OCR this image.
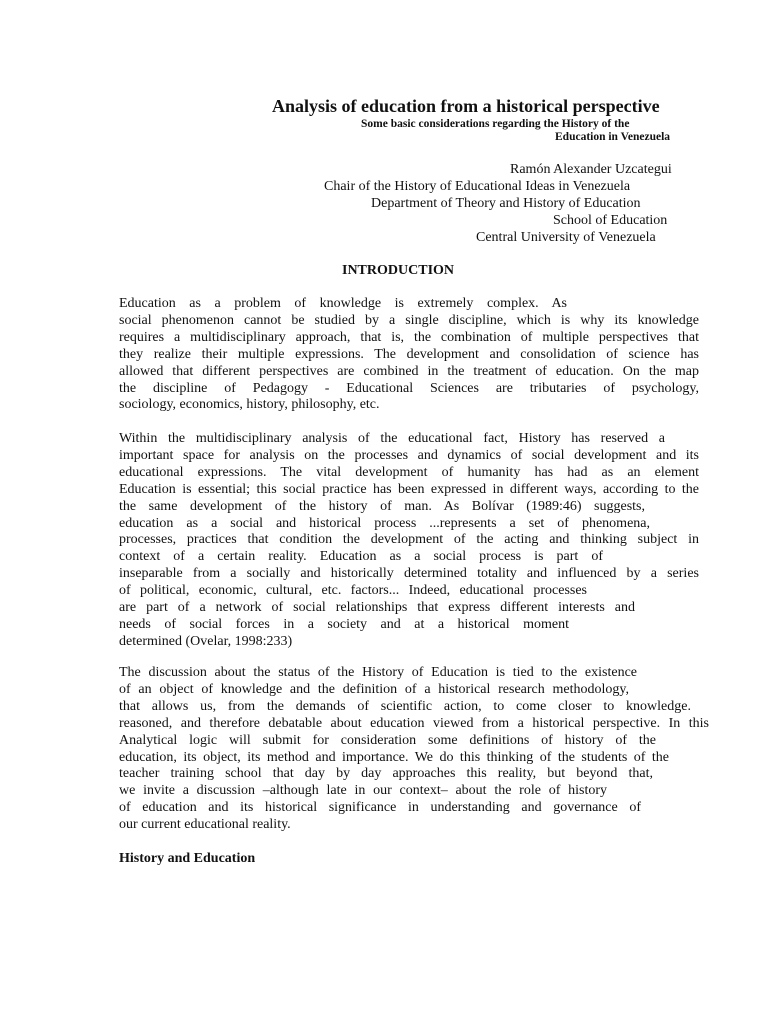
Analysis of education from a historical perspective
Some basic considerations regarding the History of the
Education in Venezuela
Ramón Alexander Uzcategui
Chair of the History of Educational Ideas in Venezuela
Department of Theory and History of Education
School of Education
Central University of Venezuela
INTRODUCTION
Education as a problem of knowledge is extremely complex. As
social phenomenon cannot be studied by a single discipline, which is why its knowledge
requires a multidisciplinary approach, that is, the combination of multiple perspectives that
they realize their multiple expressions. The development and consolidation of science has
allowed that different perspectives are combined in the treatment of education. On the map
the discipline of Pedagogy - Educational Sciences are tributaries of psychology,
sociology, economics, history, philosophy, etc.
Within the multidisciplinary analysis of the educational fact, History has reserved a
important space for analysis on the processes and dynamics of social development and its
educational expressions. The vital development of humanity has had as an element
Education is essential; this social practice has been expressed in different ways, according to the
the same development of the history of man. As Bolívar (1989:46) suggests,
education as a social and historical process ...represents a set of phenomena,
processes, practices that condition the development of the acting and thinking subject in
context of a certain reality. Education as a social process is part of
inseparable from a socially and historically determined totality and influenced by a series
of political, economic, cultural, etc. factors... Indeed, educational processes
are part of a network of social relationships that express different interests and
needs of social forces in a society and at a historical moment
determined (Ovelar, 1998:233)
The discussion about the status of the History of Education is tied to the existence
of an object of knowledge and the definition of a historical research methodology,
that allows us, from the demands of scientific action, to come closer to knowledge.
reasoned, and therefore debatable about education viewed from a historical perspective. In this
Analytical logic will submit for consideration some definitions of history of the
education, its object, its method and importance. We do this thinking of the students of the
teacher training school that day by day approaches this reality, but beyond that,
we invite a discussion –although late in our context– about the role of history
of education and its historical significance in understanding and governance of
our current educational reality.
History and Education
